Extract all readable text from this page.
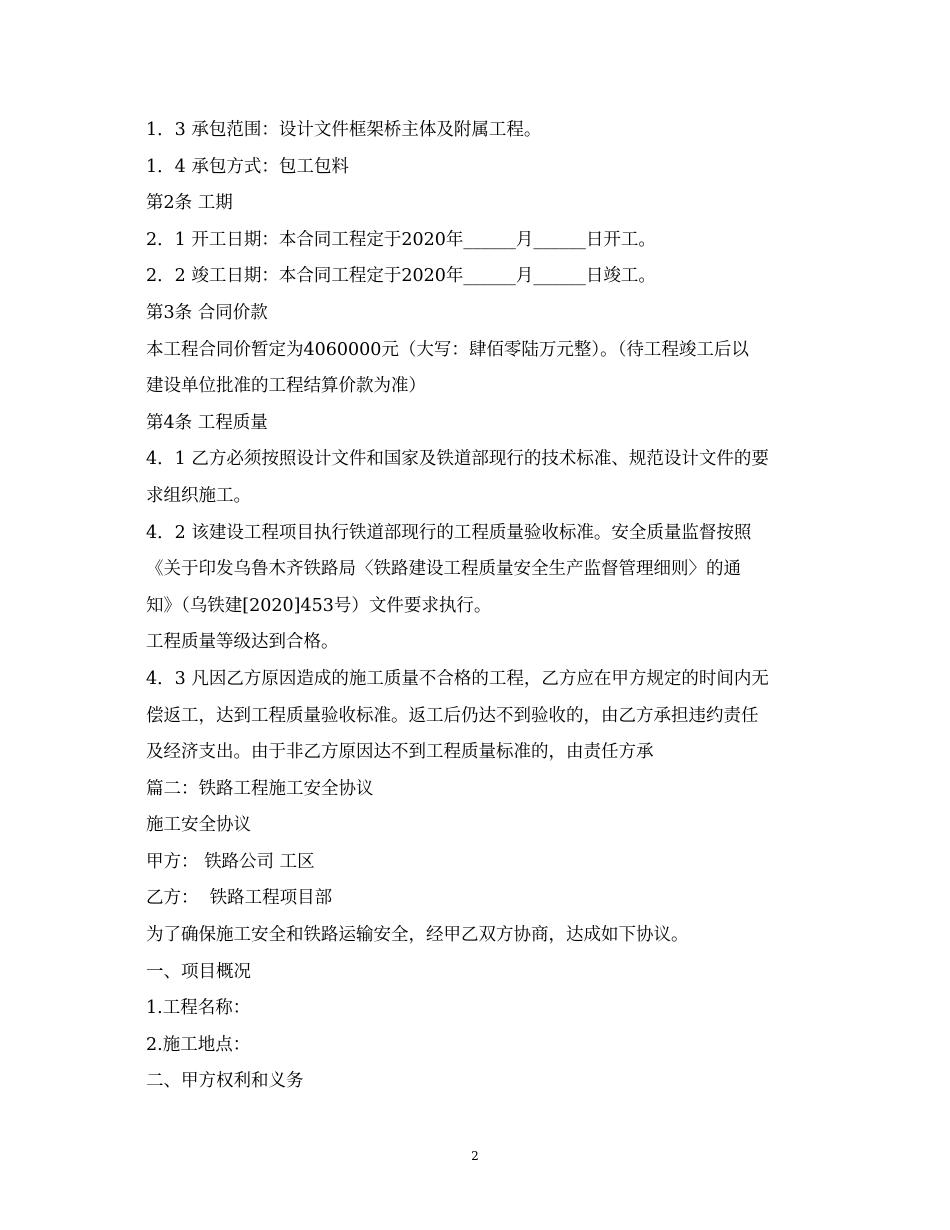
1．3 承包范围：设计文件框架桥主体及附属工程。
1．4 承包方式：包工包料
第2条 工期
2．1 开工日期：本合同工程定于2020年______月______日开工。
2．2 竣工日期：本合同工程定于2020年______月______日竣工。
第3条 合同价款
本工程合同价暂定为4060000元（大写：肆佰零陆万元整）。（待工程竣工后以
建设单位批准的工程结算价款为准）
第4条 工程质量
4．1 乙方必须按照设计文件和国家及铁道部现行的技术标准、规范设计文件的要
求组织施工。
4．2 该建设工程项目执行铁道部现行的工程质量验收标准。安全质量监督按照
《关于印发乌鲁木齐铁路局〈铁路建设工程质量安全生产监督管理细则〉的通
知》（乌铁建[2020]453号）文件要求执行。
工程质量等级达到合格。
4．3 凡因乙方原因造成的施工质量不合格的工程，乙方应在甲方规定的时间内无
偿返工，达到工程质量验收标准。返工后仍达不到验收的，由乙方承担违约责任
及经济支出。由于非乙方原因达不到工程质量标准的，由责任方承
篇二：铁路工程施工安全协议
施工安全协议
甲方： 铁路公司 工区
乙方：  铁路工程项目部
为了确保施工安全和铁路运输安全，经甲乙双方协商，达成如下协议。
一、项目概况
1.工程名称：
2.施工地点：
二、甲方权利和义务
2
